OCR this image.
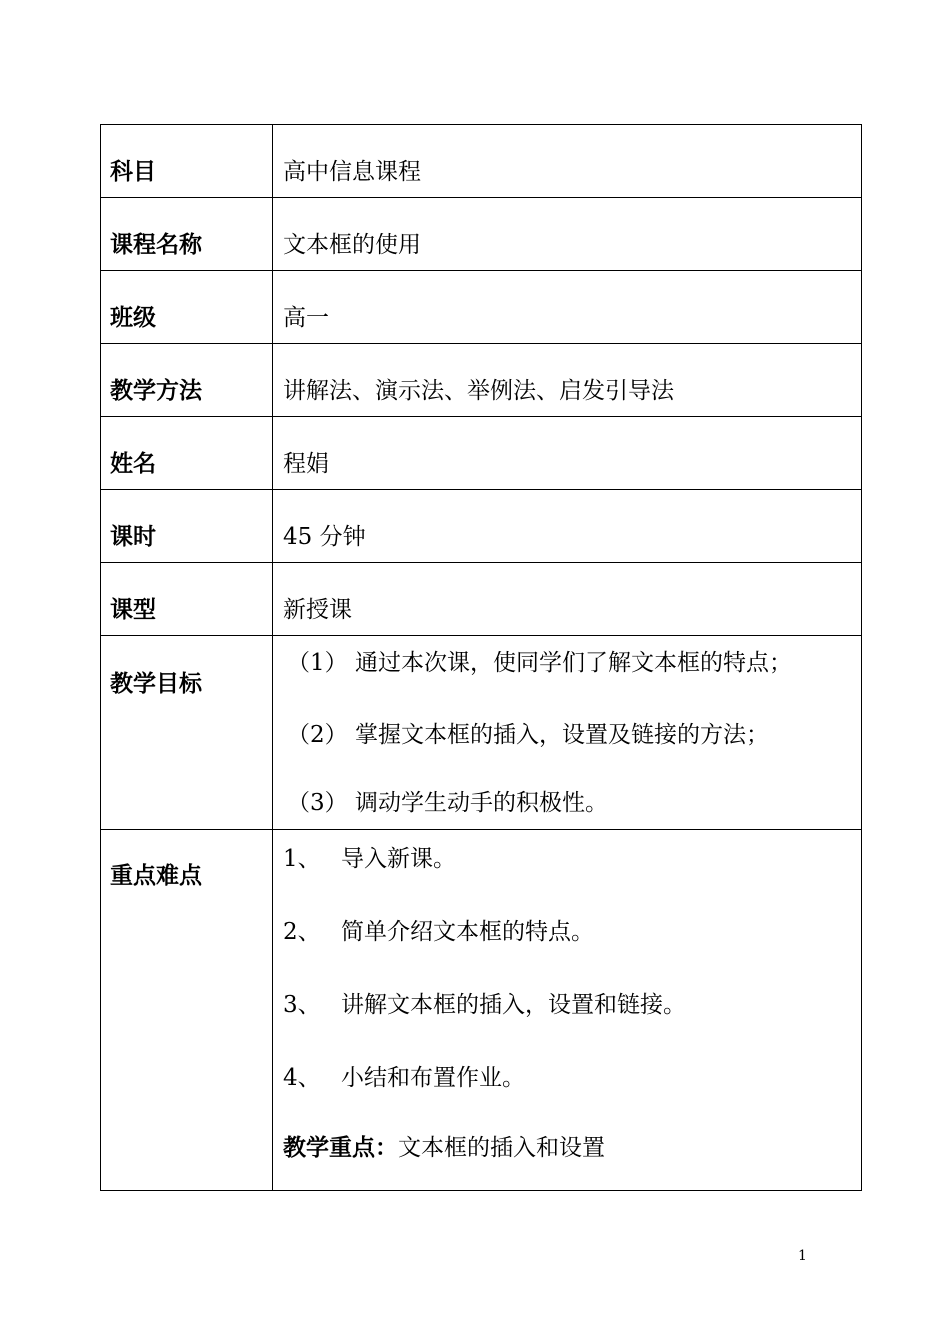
科目	高中信息课程

课程名称	文本框的使用

班级	高一

教学方法	讲解法、演示法、举例法、启发引导法

姓名	程娟

课时	45 分钟

课型	新授课

教学目标	（1） 通过本次课，使同学们了解文本框的特点；
（2） 掌握文本框的插入，设置及链接的方法；
（3） 调动学生动手的积极性。

重点难点	1、 导入新课。
2、 简单介绍文本框的特点。
3、 讲解文本框的插入，设置和链接。
4、 小结和布置作业。
教学重点：文本框的插入和设置
1
